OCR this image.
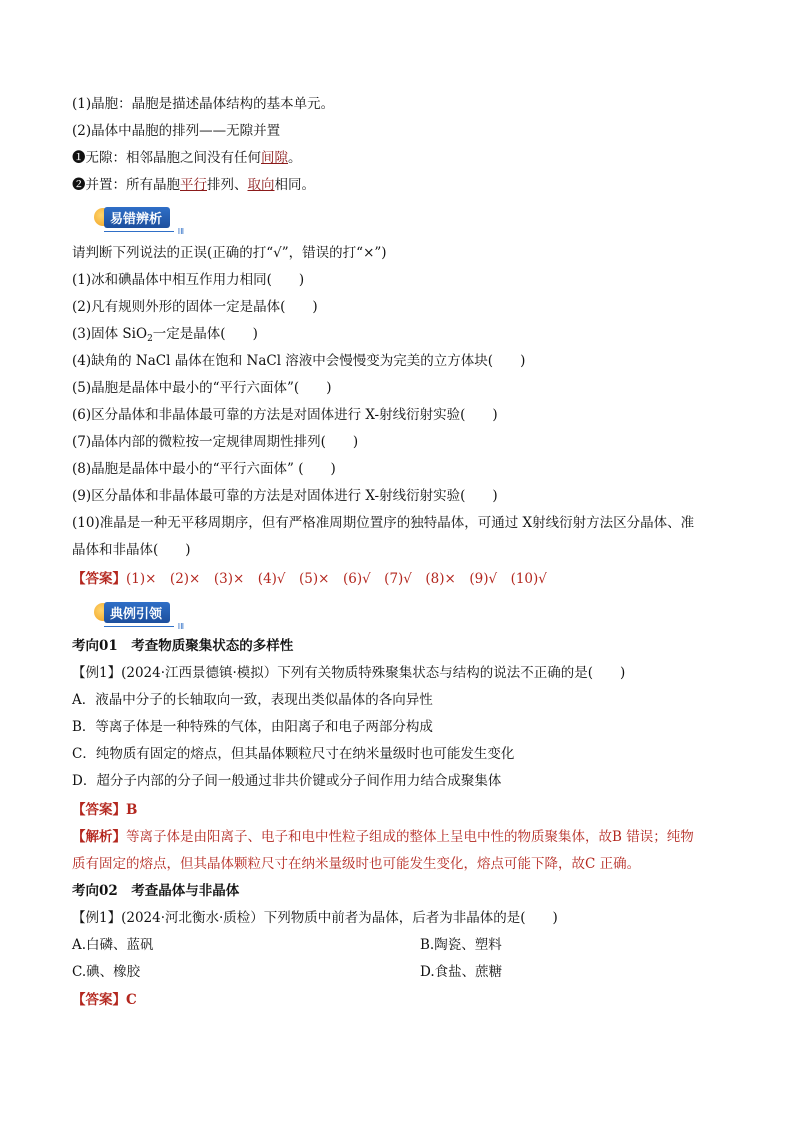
(1)晶胞：晶胞是描述晶体结构的基本单元。
(2)晶体中晶胞的排列——无隙并置
❶无隙：相邻晶胞之间没有任何间隙。
❷并置：所有晶胞平行排列、取向相同。
易错辨析
ⅠⅡ
请判断下列说法的正误(正确的打“√”，错误的打“×”)
(1)冰和碘晶体中相互作用力相同(　　)
(2)凡有规则外形的固体一定是晶体(　　)
(3)固体 SiO$_2$一定是晶体(　　)
(4)缺角的 NaCl 晶体在饱和 NaCl 溶液中会慢慢变为完美的立方体块(　　)
(5)晶胞是晶体中最小的“平行六面体”(　　)
(6)区分晶体和非晶体最可靠的方法是对固体进行 X-射线衍射实验(　　)
(7)晶体内部的微粒按一定规律周期性排列(　　)
(8)晶胞是晶体中最小的“平行六面体” (　　)
(9)区分晶体和非晶体最可靠的方法是对固体进行 X-射线衍射实验(　　)
(10)准晶是一种无平移周期序，但有严格准周期位置序的独特晶体，可通过 X射线衍射方法区分晶体、准
晶体和非晶体(　　)
【答案】(1)×　(2)×　(3)×　(4)√　(5)×　(6)√　(7)√　(8)×　(9)√　(10)√
典例引领
ⅠⅡ
考向01　考查物质聚集状态的多样性
【例1】(2024·江西景德镇·模拟）下列有关物质特殊聚集状态与结构的说法不正确的是(　　)
A．液晶中分子的长轴取向一致，表现出类似晶体的各向异性
B．等离子体是一种特殊的气体，由阳离子和电子两部分构成
C．纯物质有固定的熔点，但其晶体颗粒尺寸在纳米量级时也可能发生变化
D．超分子内部的分子间一般通过非共价键或分子间作用力结合成聚集体
【答案】B
【解析】等离子体是由阳离子、电子和电中性粒子组成的整体上呈电中性的物质聚集体，故B 错误；纯物
质有固定的熔点，但其晶体颗粒尺寸在纳米量级时也可能发生变化，熔点可能下降，故C 正确。
考向02　考查晶体与非晶体
【例1】(2024·河北衡水·质检）下列物质中前者为晶体，后者为非晶体的是(　　)
A.白磷、蓝矾	B.陶瓷、塑料
C.碘、橡胶	D.食盐、蔗糖
【答案】C
